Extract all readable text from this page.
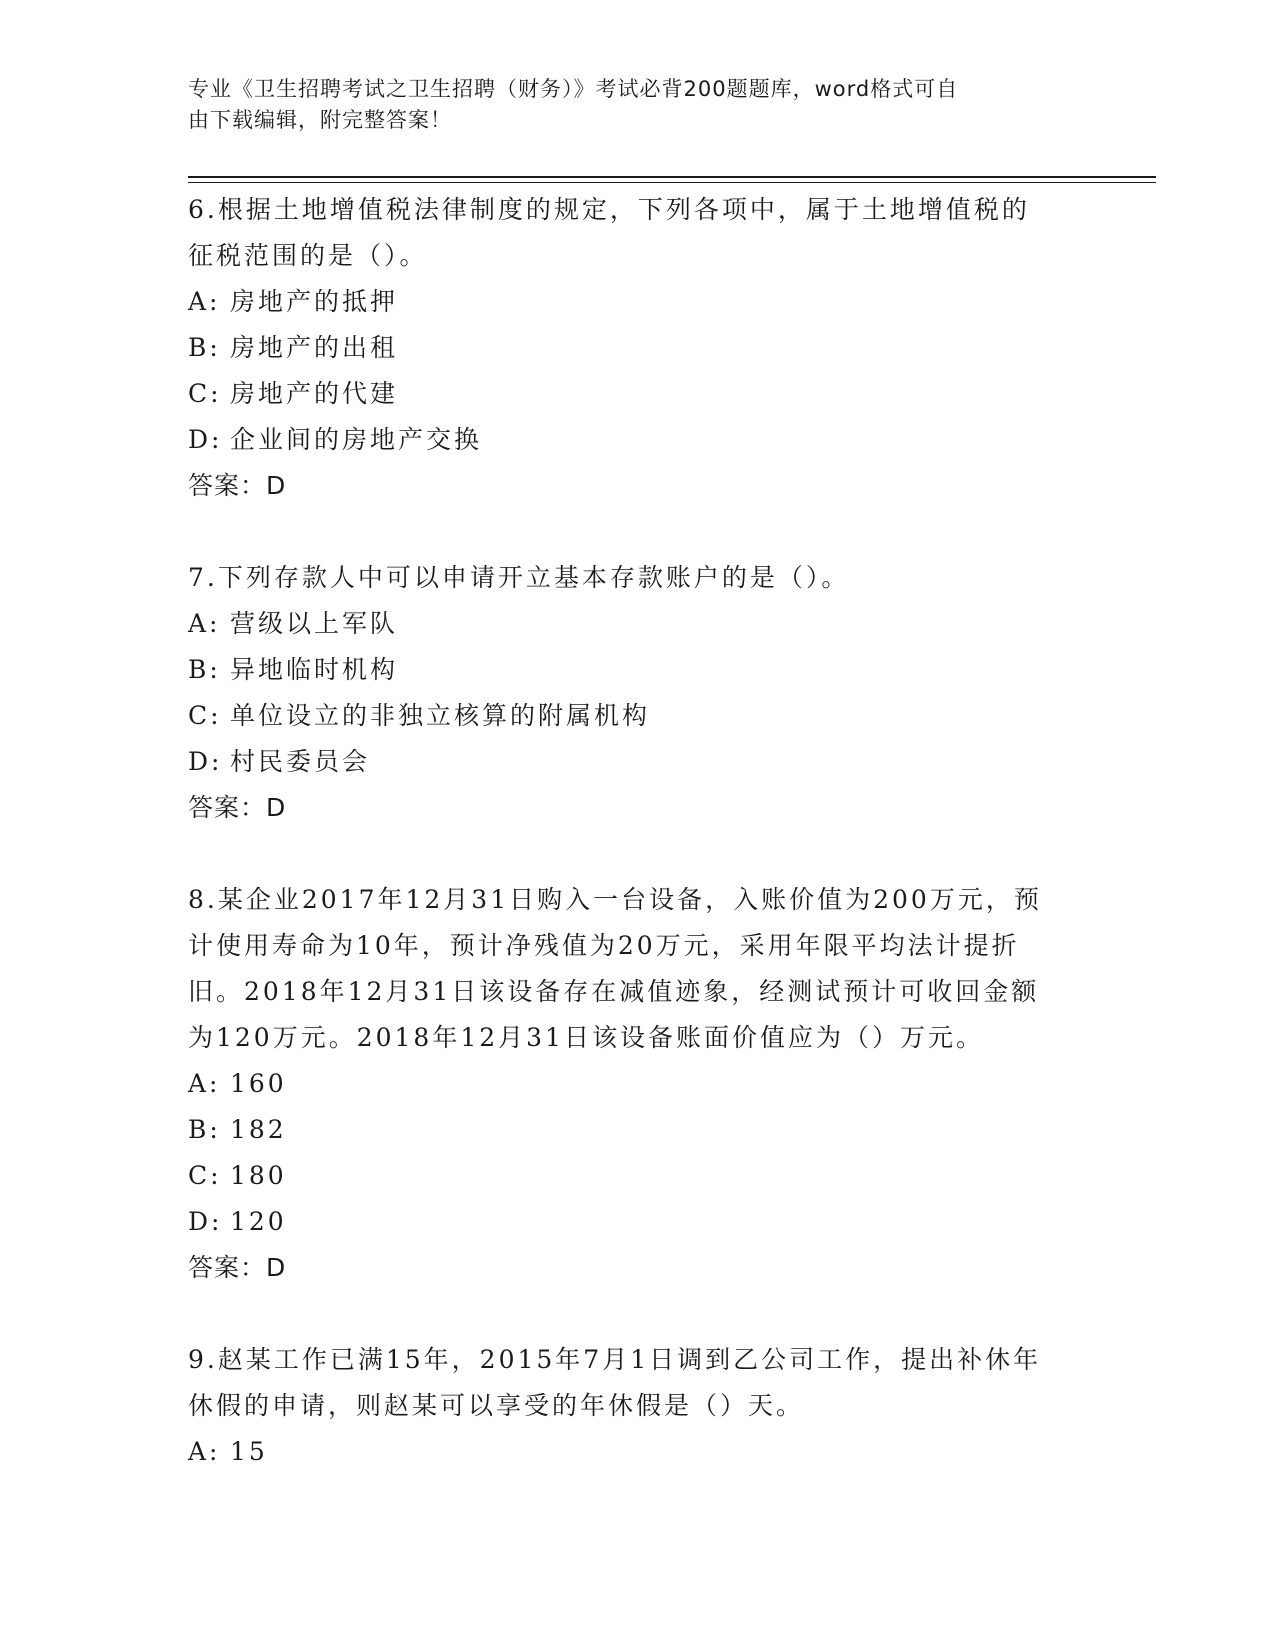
专业《卫生招聘考试之卫生招聘（财务）》考试必背200题题库，word格式可自
由下载编辑，附完整答案！
6.根据土地增值税法律制度的规定，下列各项中，属于土地增值税的
征税范围的是（）。
A: 房地产的抵押
B: 房地产的出租
C: 房地产的代建
D: 企业间的房地产交换
答案：D
7.下列存款人中可以申请开立基本存款账户的是（）。
A: 营级以上军队
B: 异地临时机构
C: 单位设立的非独立核算的附属机构
D: 村民委员会
答案：D
8.某企业2017年12月31日购入一台设备，入账价值为200万元，预
计使用寿命为10年，预计净残值为20万元，采用年限平均法计提折
旧。2018年12月31日该设备存在减值迹象，经测试预计可收回金额
为120万元。2018年12月31日该设备账面价值应为（）万元。
A: 160
B: 182
C: 180
D: 120
答案：D
9.赵某工作已满15年，2015年7月1日调到乙公司工作，提出补休年
休假的申请，则赵某可以享受的年休假是（）天。
A: 15
